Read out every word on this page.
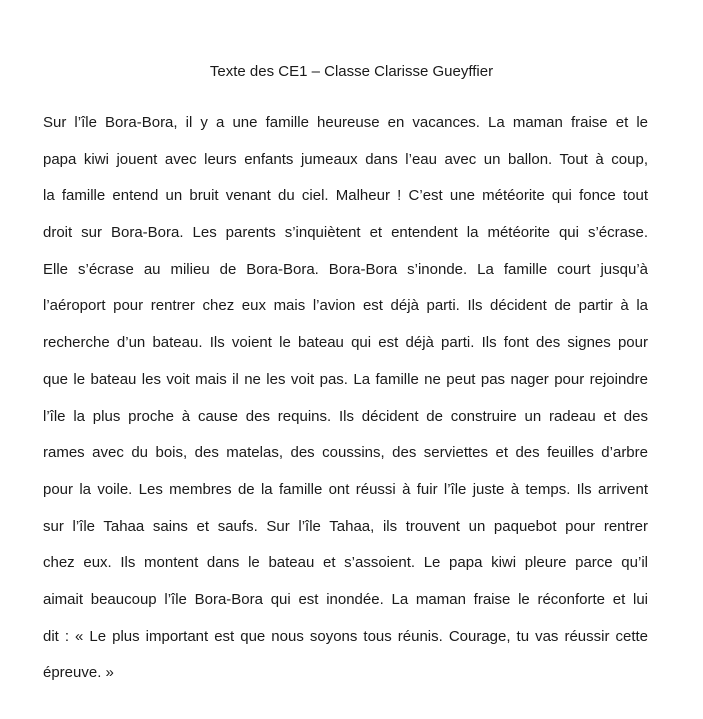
Texte des CE1 – Classe Clarisse Gueyffier
Sur l’île Bora-Bora, il y a une famille heureuse en vacances. La maman fraise et le
papa kiwi jouent avec leurs enfants jumeaux dans l’eau avec un ballon. Tout à coup,
la famille entend un bruit venant du ciel. Malheur ! C’est une météorite qui fonce tout
droit sur Bora-Bora. Les parents s’inquiètent et entendent la météorite qui s’écrase.
Elle s’écrase au milieu de Bora-Bora. Bora-Bora s’inonde. La famille court jusqu’à
l’aéroport pour rentrer chez eux mais l’avion est déjà parti. Ils décident de partir à la
recherche d’un bateau. Ils voient le bateau qui est déjà parti. Ils font des signes pour
que le bateau les voit mais il ne les voit pas. La famille ne peut pas nager pour rejoindre
l’île la plus proche à cause des requins. Ils décident de construire un radeau et des
rames avec du bois, des matelas, des coussins, des serviettes et des feuilles d’arbre
pour la voile. Les membres de la famille ont réussi à fuir l’île juste à temps. Ils arrivent
sur l’île Tahaa sains et saufs. Sur l’île Tahaa, ils trouvent un paquebot pour rentrer
chez eux. Ils montent dans le bateau et s’assoient. Le papa kiwi pleure parce qu’il
aimait beaucoup l’île Bora-Bora qui est inondée. La maman fraise le réconforte et lui
dit : « Le plus important est que nous soyons tous réunis. Courage, tu vas réussir cette
épreuve. »
